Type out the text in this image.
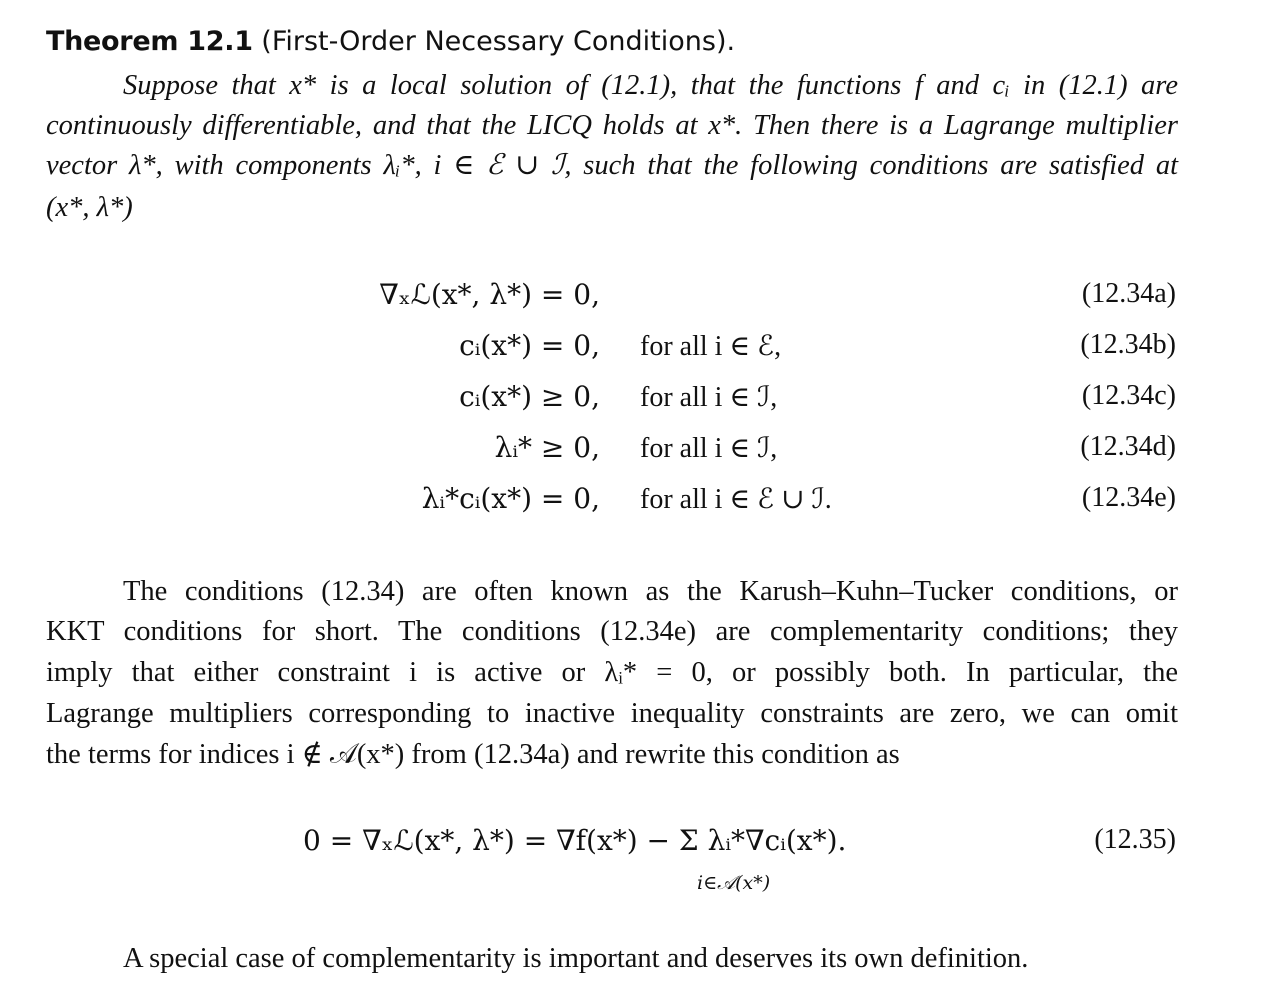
Theorem 12.1 (First-Order Necessary Conditions).
Suppose that x* is a local solution of (12.1), that the functions f and cᵢ in (12.1) are
continuously differentiable, and that the LICQ holds at x*. Then there is a Lagrange multiplier
vector λ*, with components λᵢ*, i ∈ ℰ ∪ ℐ, such that the following conditions are satisfied at
(x*, λ*)
∇ₓℒ(x*, λ*) = 0,	(12.34a)
cᵢ(x*) = 0, for all i ∈ ℰ,	(12.34b)
cᵢ(x*) ≥ 0, for all i ∈ ℐ,	(12.34c)
λᵢ* ≥ 0, for all i ∈ ℐ,	(12.34d)
λᵢ*cᵢ(x*) = 0, for all i ∈ ℰ ∪ ℐ.	(12.34e)
The conditions (12.34) are often known as the Karush–Kuhn–Tucker conditions, or
KKT conditions for short. The conditions (12.34e) are complementarity conditions; they
imply that either constraint i is active or λᵢ* = 0, or possibly both. In particular, the
Lagrange multipliers corresponding to inactive inequality constraints are zero, we can omit
the terms for indices i ∉ 𝒜(x*) from (12.34a) and rewrite this condition as
0 = ∇ₓℒ(x*, λ*) = ∇f(x*) − Σ λᵢ*∇cᵢ(x*).
i∈𝒜(x*)
(12.35)
A special case of complementarity is important and deserves its own definition.
